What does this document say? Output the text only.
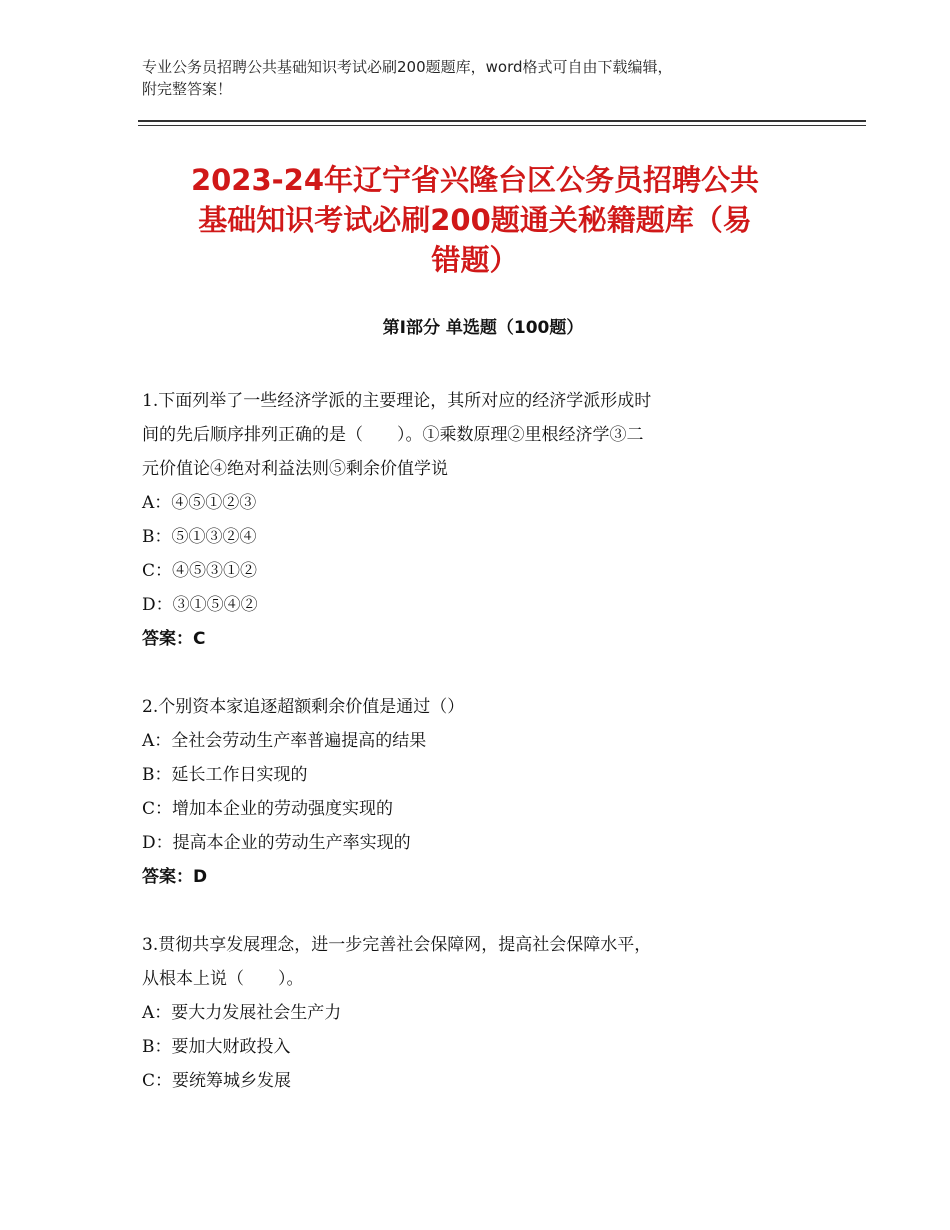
专业公务员招聘公共基础知识考试必刷200题题库，word格式可自由下载编辑，
附完整答案！
2023-24年辽宁省兴隆台区公务员招聘公共
基础知识考试必刷200题通关秘籍题库（易
错题）
第Ⅰ部分 单选题（100题）
1.下面列举了一些经济学派的主要理论，其所对应的经济学派形成时
间的先后顺序排列正确的是（　　）。①乘数原理②里根经济学③二
元价值论④绝对利益法则⑤剩余价值学说
A：④⑤①②③
B：⑤①③②④
C：④⑤③①②
D：③①⑤④②
答案：C
2.个别资本家追逐超额剩余价值是通过（）
A：全社会劳动生产率普遍提高的结果
B：延长工作日实现的
C：增加本企业的劳动强度实现的
D：提高本企业的劳动生产率实现的
答案：D
3.贯彻共享发展理念，进一步完善社会保障网，提高社会保障水平，
从根本上说（　　）。
A：要大力发展社会生产力
B：要加大财政投入
C：要统筹城乡发展
